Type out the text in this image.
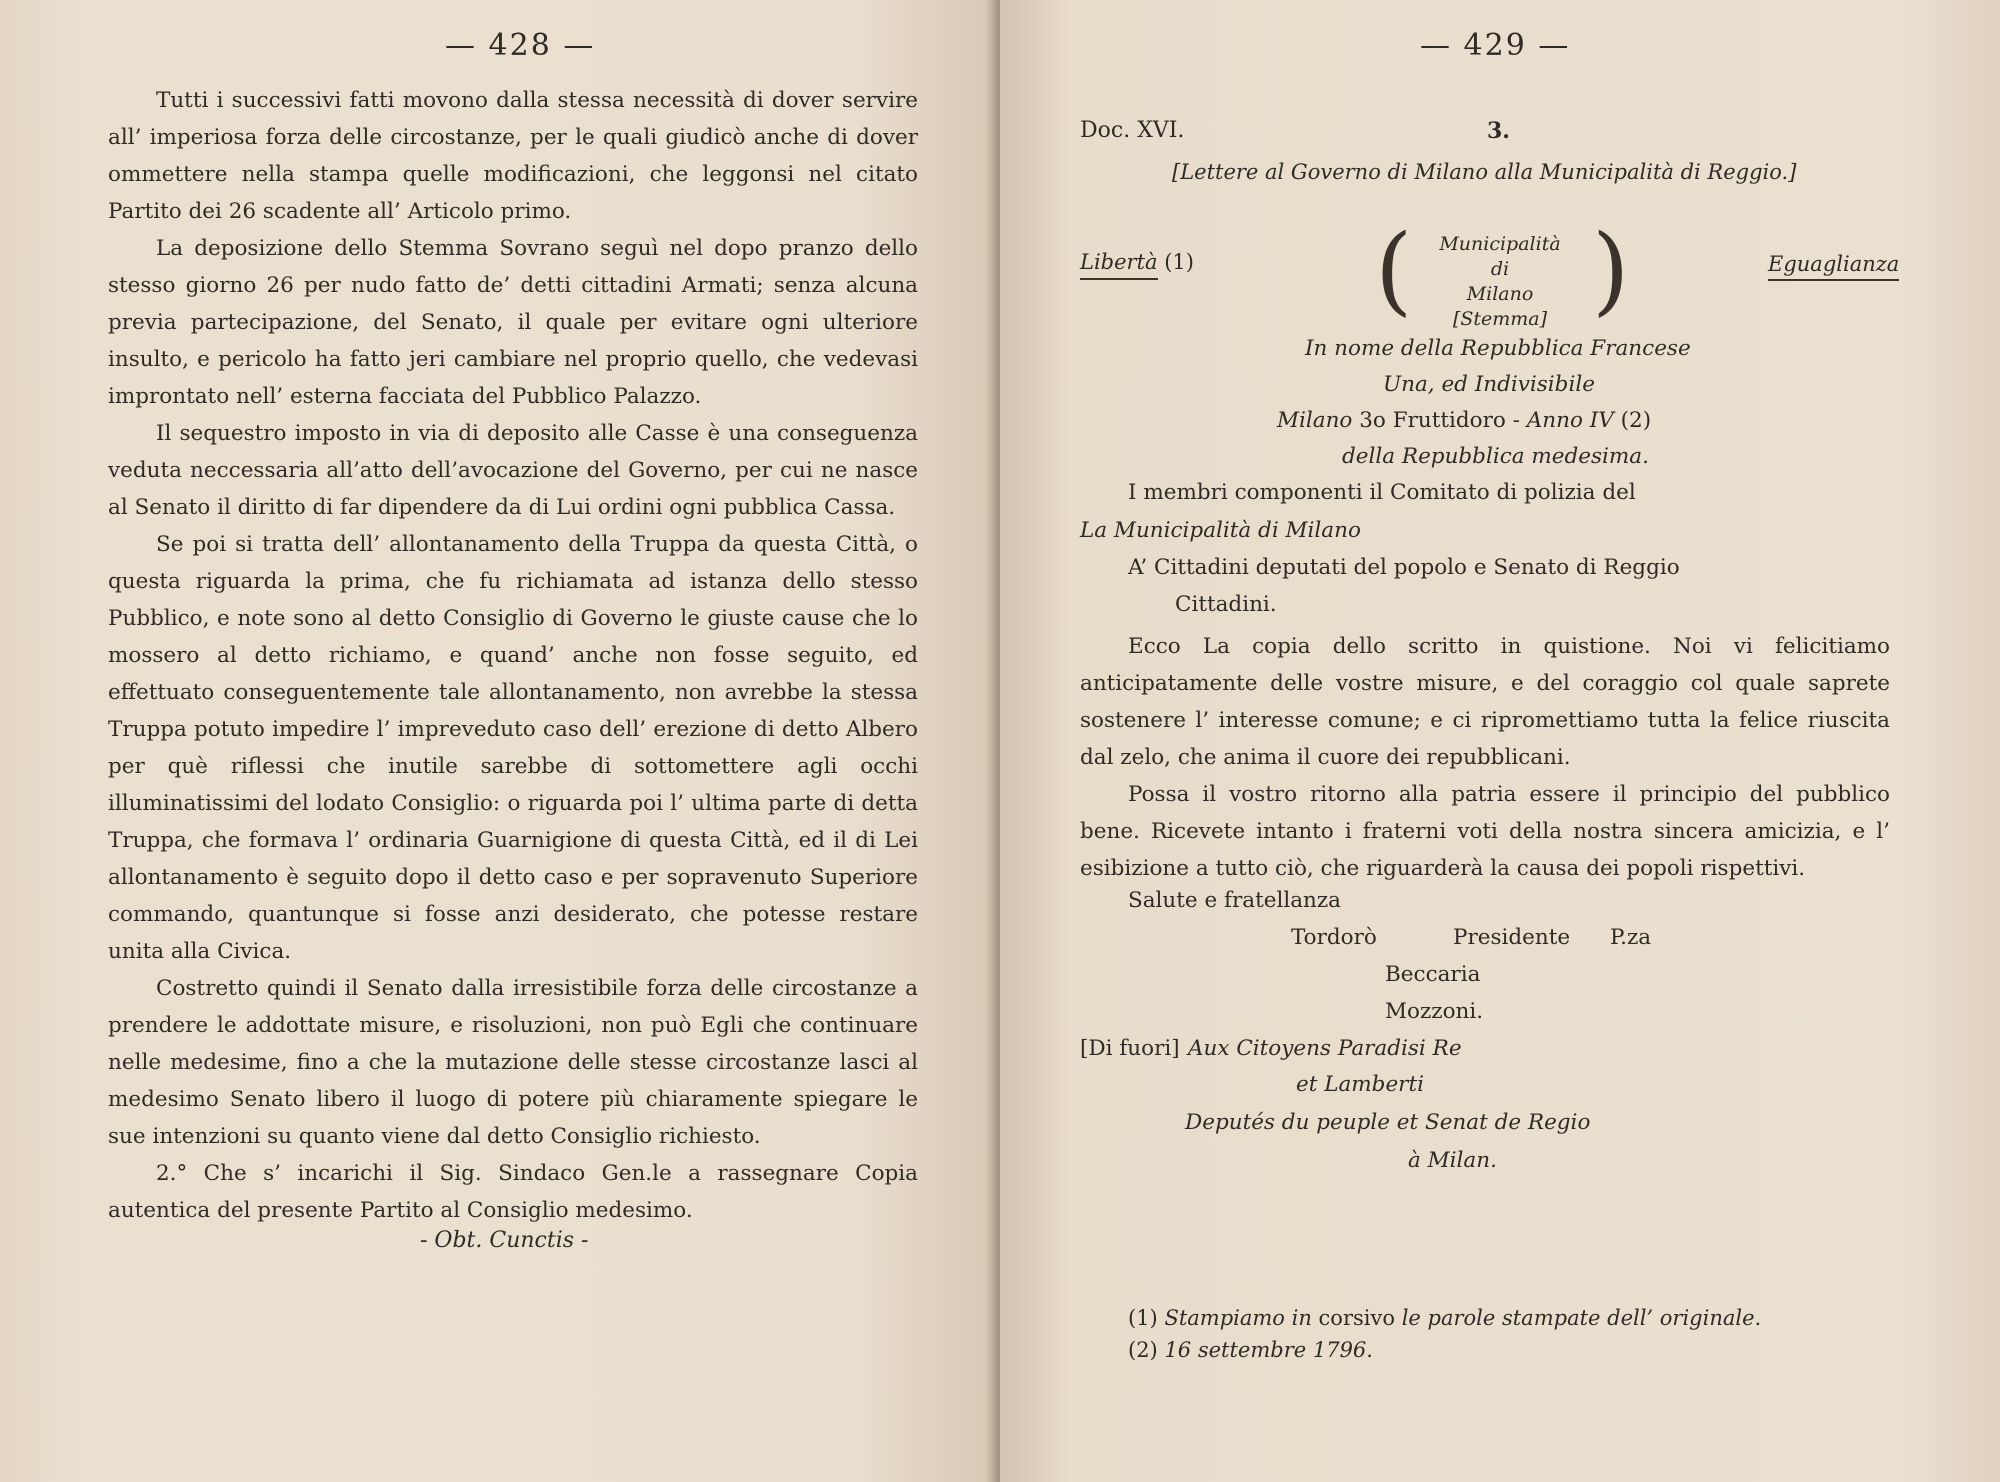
— 428 —

Tutti i successivi fatti movono dalla stessa necessità di dover servire all’ imperiosa forza delle circostanze, per le quali giudicò anche di dover ommettere nella stampa quelle modificazioni, che leggonsi nel citato Partito dei 26 scadente all’ Articolo primo.

La deposizione dello Stemma Sovrano seguì nel dopo pranzo dello stesso giorno 26 per nudo fatto de’ detti cittadini Armati; senza alcuna previa partecipazione, del Senato, il quale per evitare ogni ulteriore insulto, e pericolo ha fatto jeri cambiare nel proprio quello, che vedevasi improntato nell’ esterna facciata del Pubblico Palazzo.

Il sequestro imposto in via di deposito alle Casse è una conseguenza veduta neccessaria all’atto dell’avocazione del Governo, per cui ne nasce al Senato il diritto di far dipendere da di Lui ordini ogni pubblica Cassa.

Se poi si tratta dell’ allontanamento della Truppa da questa Città, o questa riguarda la prima, che fu richiamata ad istanza dello stesso Pubblico, e note sono al detto Consiglio di Governo le giuste cause che lo mossero al detto richiamo, e quand’ anche non fosse seguito, ed effettuato conseguentemente tale allontanamento, non avrebbe la stessa Truppa potuto impedire l’ impreveduto caso dell’ erezione di detto Albero per què riflessi che inutile sarebbe di sottomettere agli occhi illuminatissimi del lodato Consiglio: o riguarda poi l’ ultima parte di detta Truppa, che formava l’ ordinaria Guarnigione di questa Città, ed il di Lei allontanamento è seguito dopo il detto caso e per sopravenuto Superiore commando, quantunque si fosse anzi desiderato, che potesse restare unita alla Civica.

Costretto quindi il Senato dalla irresistibile forza delle circostanze a prendere le addottate misure, e risoluzioni, non può Egli che continuare nelle medesime, fino a che la mutazione delle stesse circostanze lasci al medesimo Senato libero il luogo di potere più chiaramente spiegare le sue intenzioni su quanto viene dal detto Consiglio richiesto.

2.° Che s’ incarichi il Sig. Sindaco Gen.le a rassegnare Copia autentica del presente Partito al Consiglio medesimo.

- Obt. Cunctis -
— 429 —
Doc. XVI.	3.
[Lettere al Governo di Milano alla Municipalità di Reggio.]
Libertà (1)	Eguaglianza
( )
Municipalità
di
Milano
[Stemma]
In nome della Repubblica Francese
Una, ed Indivisibile
Milano 3o Fruttidoro - Anno IV (2)
della Repubblica medesima.
I membri componenti il Comitato di polizia del
La Municipalità di Milano
A’ Cittadini deputati del popolo e Senato di Reggio
Cittadini.

Ecco La copia dello scritto in quistione. Noi vi felicitiamo anticipatamente delle vostre misure, e del coraggio col quale saprete sostenere l’ interesse comune; e ci ripromettiamo tutta la felice riuscita dal zelo, che anima il cuore dei repubblicani.

Possa il vostro ritorno alla patria essere il principio del pubblico bene. Ricevete intanto i fraterni voti della nostra sincera amicizia, e l’ esibizione a tutto ciò, che riguarderà la causa dei popoli rispettivi.

Salute e fratellanza
Tordorò	Presidente P.za
Beccaria
Mozzoni.
[Di fuori] Aux Citoyens Paradisi Re
et Lamberti
Deputés du peuple et Senat de Regio
à Milan.
(1) Stampiamo in corsivo le parole stampate dell’ originale.
(2) 16 settembre 1796.
